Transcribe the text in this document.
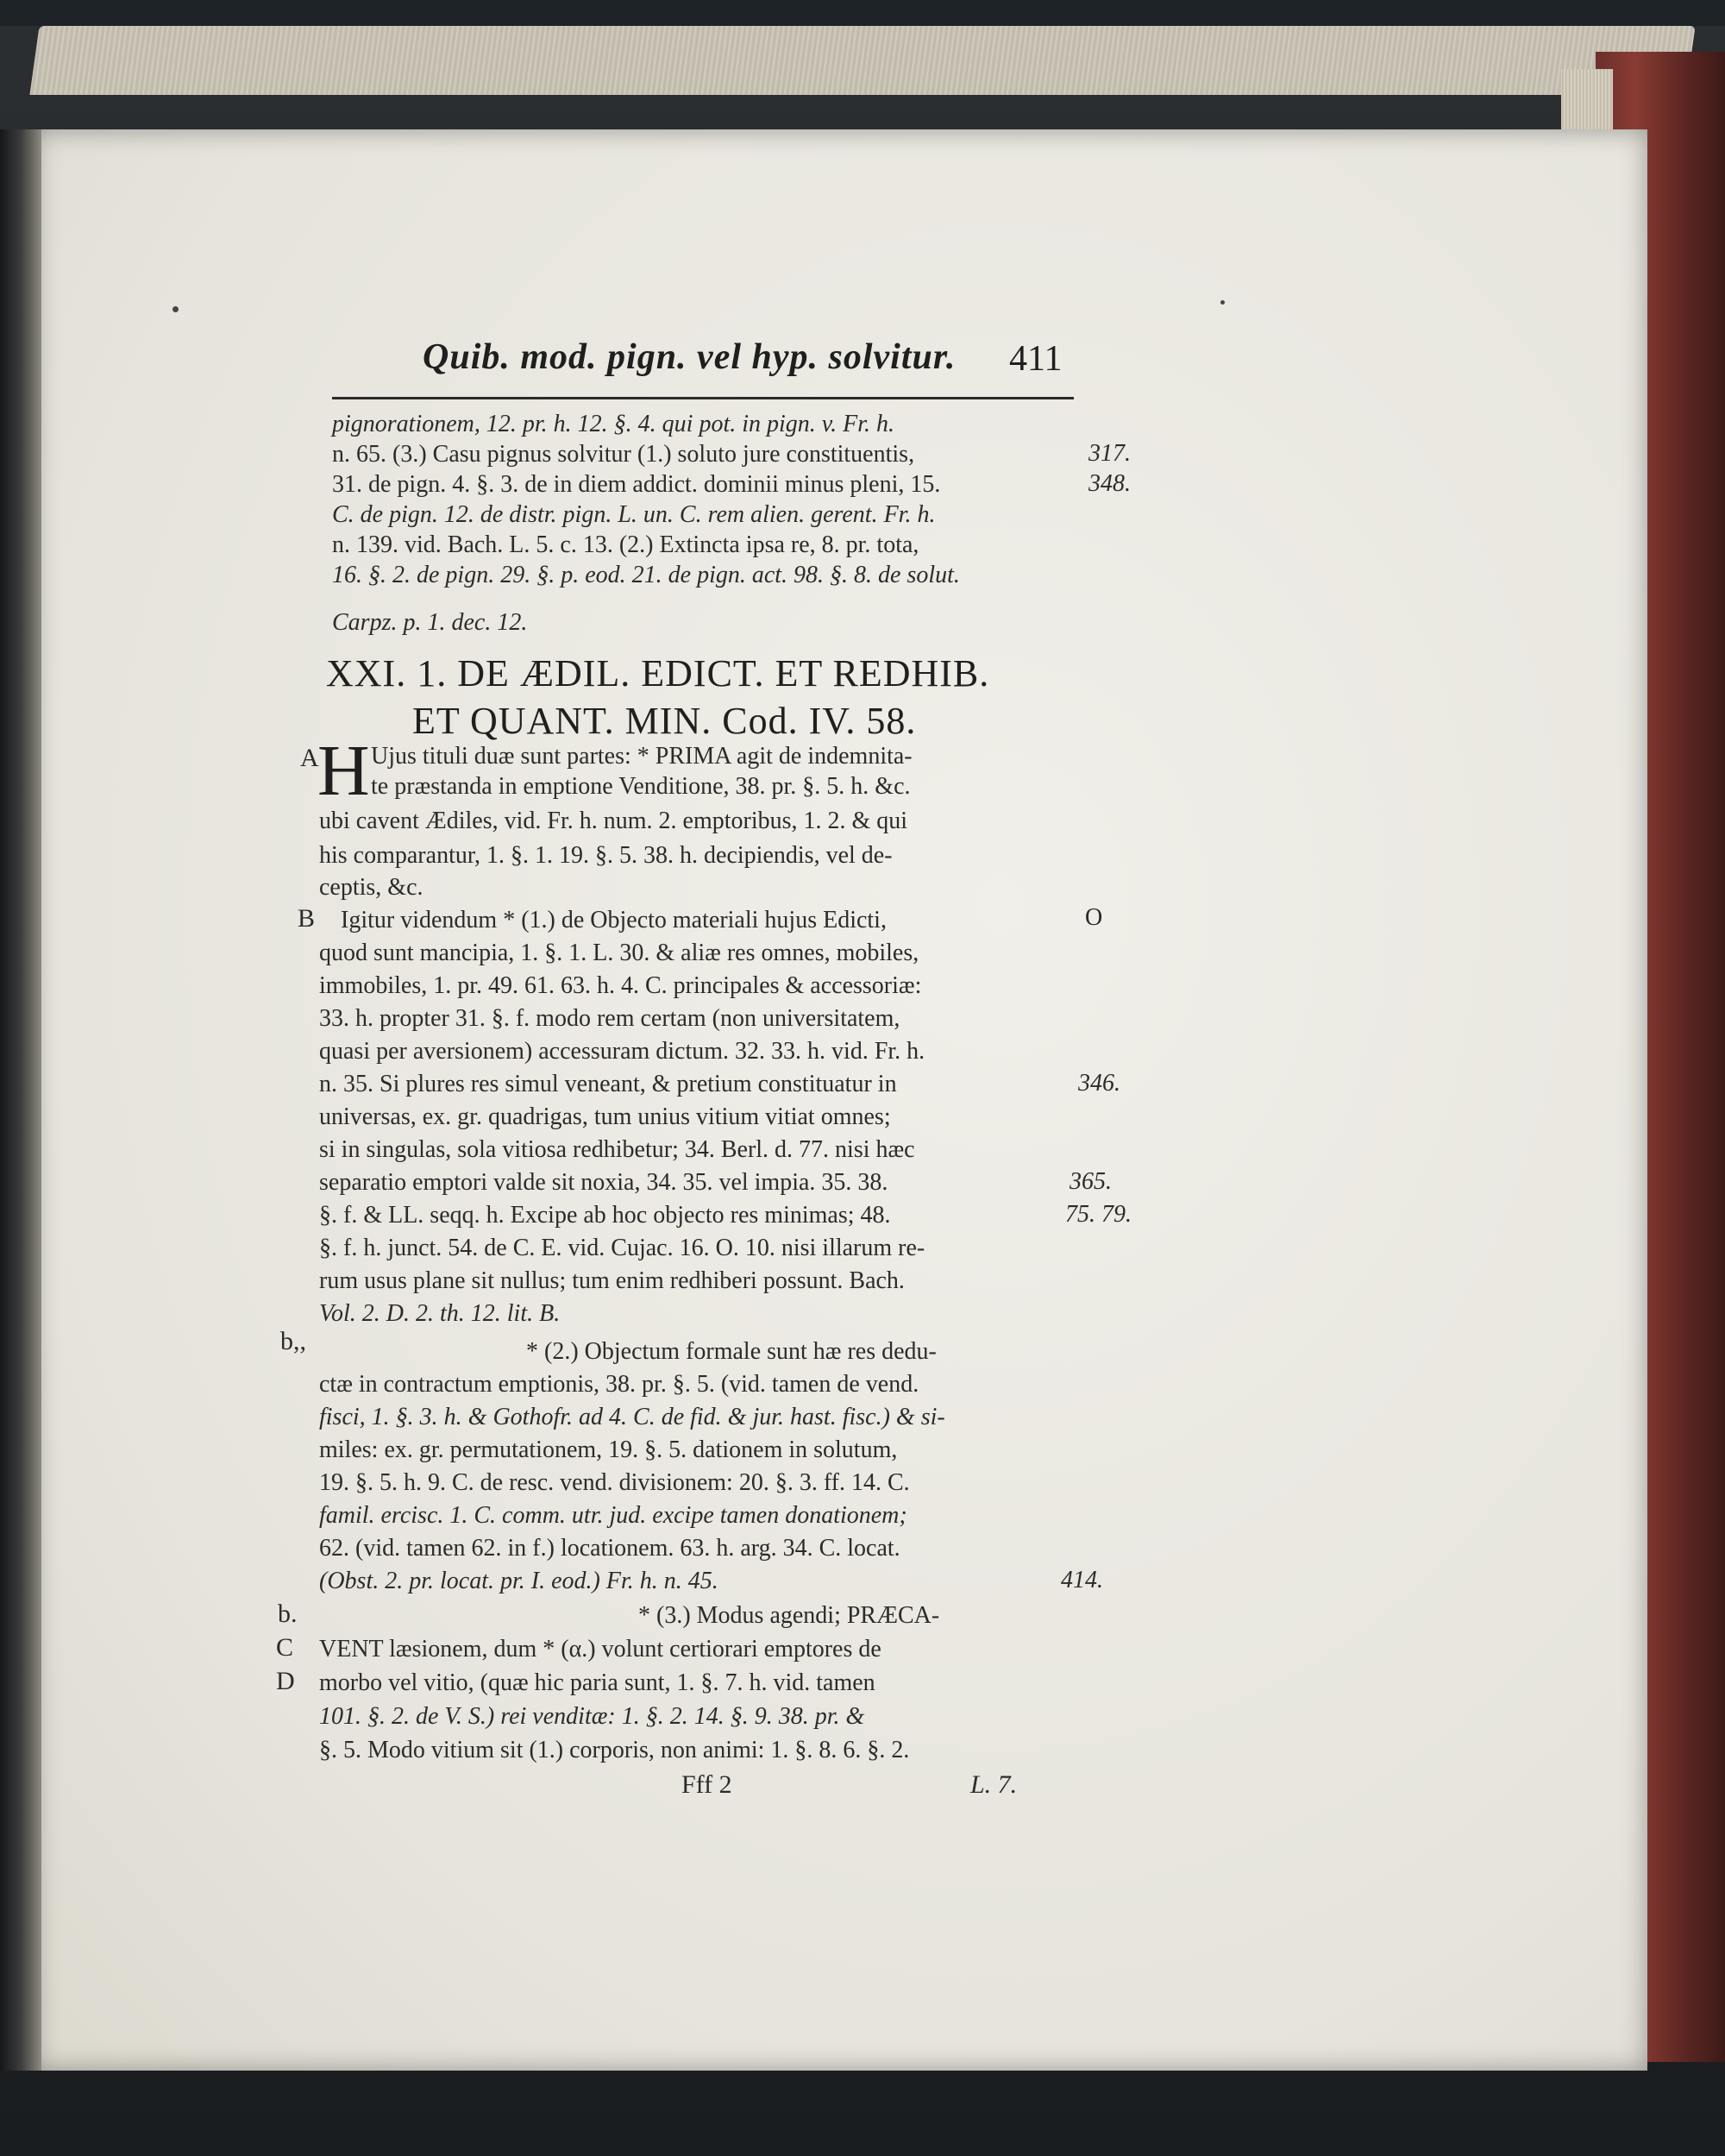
Quib. mod. pign. vel hyp. solvitur. 411
pignorationem, 12. pr. h. 12. §. 4. qui pot. in pign. v. Fr. h.
n. 65. (3.) Casu pignus solvitur (1.) soluto jure constituentis,
31. de pign. 4. §. 3. de in diem addict. dominii minus pleni, 15.
C. de pign. 12. de distr. pign. L. un. C. rem alien. gerent. Fr. h.
n. 139. vid. Bach. L. 5. c. 13. (2.) Extincta ipsa re, 8. pr. tota,
16. §. 2. de pign. 29. §. p. eod. 21. de pign. act. 98. §. 8. de solut.
Carpz. p. 1. dec. 12.
XXI. 1. DE ÆDIL. EDICT. ET REDHIB.
ET QUANT. MIN. Cod. IV. 58.
H Ujus tituli duæ sunt partes: * PRIMA agit de indemnita-
te præstanda in emptione Venditione, 38. pr. §. 5. h. &c.
ubi cavent Ædiles, vid. Fr. h. num. 2. emptoribus, 1. 2. & qui
his comparantur, 1. §. 1. 19. §. 5. 38. h. decipiendis, vel de-
ceptis, &c.
Igitur videndum * (1.) de Objecto materiali hujus Edicti,
quod sunt mancipia, 1. §. 1. L. 30. & aliæ res omnes, mobiles,
immobiles, 1. pr. 49. 61. 63. h. 4. C. principales & accessoriæ:
33. h. propter 31. §. f. modo rem certam (non universitatem,
quasi per aversionem) accessuram dictum. 32. 33. h. vid. Fr. h.
n. 35. Si plures res simul veneant, & pretium constituatur in
universas, ex. gr. quadrigas, tum unius vitium vitiat omnes;
si in singulas, sola vitiosa redhibetur; 34. Berl. d. 77. nisi hæc
separatio emptori valde sit noxia, 34. 35. vel impia. 35. 38.
§. f. & LL. seqq. h. Excipe ab hoc objecto res minimas; 48.
§. f. h. junct. 54. de C. E. vid. Cujac. 16. O. 10. nisi illarum re-
rum usus plane sit nullus; tum enim redhiberi possunt. Bach.
Vol. 2. D. 2. th. 12. lit. B.
* (2.) Objectum formale sunt hæ res dedu-
ctæ in contractum emptionis, 38. pr. §. 5. (vid. tamen de vend.
fisci, 1. §. 3. h. & Gothofr. ad 4. C. de fid. & jur. hast. fisc.) & si-
miles: ex. gr. permutationem, 19. §. 5. dationem in solutum,
19. §. 5. h. 9. C. de resc. vend. divisionem: 20. §. 3. ff. 14. C.
famil. ercisc. 1. C. comm. utr. jud. excipe tamen donationem;
62. (vid. tamen 62. in f.) locationem. 63. h. arg. 34. C. locat.
(Obst. 2. pr. locat. pr. I. eod.) Fr. h. n. 45.
* (3.) Modus agendi; PRÆCA-
VENT læsionem, dum * (α.) volunt certiorari emptores de
morbo vel vitio, (quæ hic paria sunt, 1. §. 7. h. vid. tamen
101. §. 2. de V. S.) rei venditæ: 1. §. 2. 14. §. 9. 38. pr. &
§. 5. Modo vitium sit (1.) corporis, non animi: 1. §. 8. 6. §. 2.
Fff 2	L. 7.
A
B
b,,
b.
C
D
317.
348.
O
346.
365.
75. 79.
414.
